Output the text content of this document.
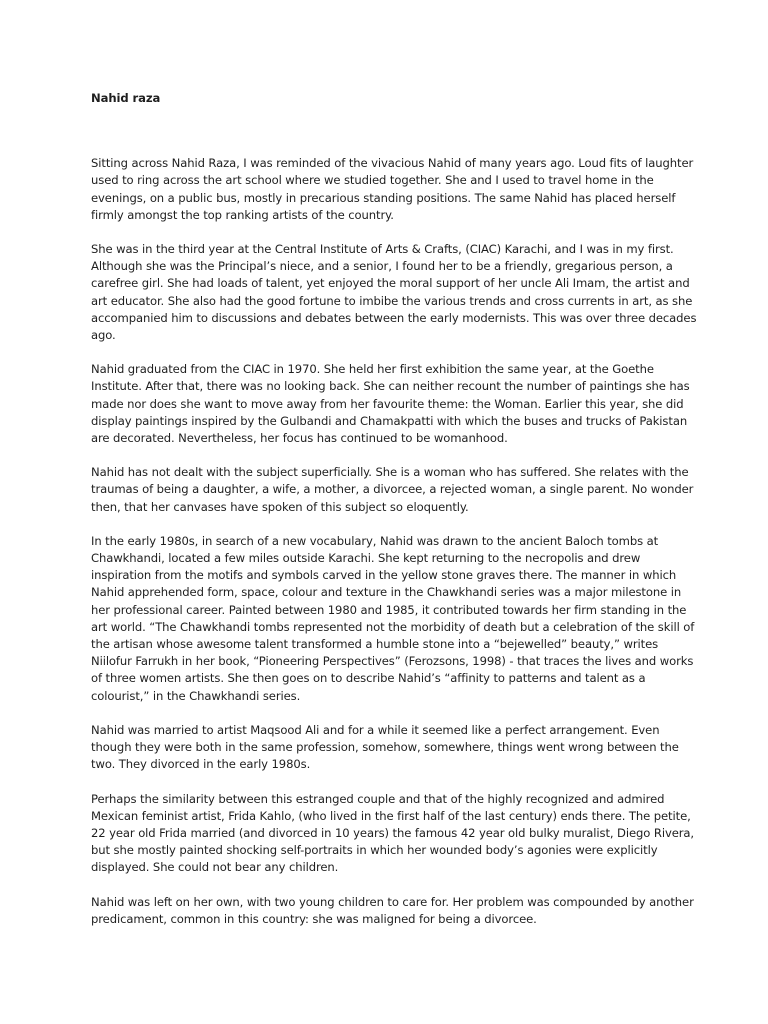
Nahid raza

Sitting across Nahid Raza, I was reminded of the vivacious Nahid of many years ago. Loud fits of laughter used to ring across the art school where we studied together. She and I used to travel home in the evenings, on a public bus, mostly in precarious standing positions. The same Nahid has placed herself firmly amongst the top ranking artists of the country.

She was in the third year at the Central Institute of Arts & Crafts, (CIAC) Karachi, and I was in my first. Although she was the Principal’s niece, and a senior, I found her to be a friendly, gregarious person, a carefree girl. She had loads of talent, yet enjoyed the moral support of her uncle Ali Imam, the artist and art educator. She also had the good fortune to imbibe the various trends and cross currents in art, as she accompanied him to discussions and debates between the early modernists. This was over three decades ago.

Nahid graduated from the CIAC in 1970. She held her first exhibition the same year, at the Goethe Institute. After that, there was no looking back. She can neither recount the number of paintings she has made nor does she want to move away from her favourite theme: the Woman. Earlier this year, she did display paintings inspired by the Gulbandi and Chamakpatti with which the buses and trucks of Pakistan are decorated. Nevertheless, her focus has continued to be womanhood.

Nahid has not dealt with the subject superficially. She is a woman who has suffered. She relates with the traumas of being a daughter, a wife, a mother, a divorcee, a rejected woman, a single parent. No wonder then, that her canvases have spoken of this subject so eloquently.

In the early 1980s, in search of a new vocabulary, Nahid was drawn to the ancient Baloch tombs at Chawkhandi, located a few miles outside Karachi. She kept returning to the necropolis and drew inspiration from the motifs and symbols carved in the yellow stone graves there. The manner in which Nahid apprehended form, space, colour and texture in the Chawkhandi series was a major milestone in her professional career. Painted between 1980 and 1985, it contributed towards her firm standing in the art world. “The Chawkhandi tombs represented not the morbidity of death but a celebration of the skill of the artisan whose awesome talent transformed a humble stone into a “bejewelled” beauty,” writes Niilofur Farrukh in her book, “Pioneering Perspectives” (Ferozsons, 1998) - that traces the lives and works of three women artists. She then goes on to describe Nahid’s “affinity to patterns and talent as a colourist,” in the Chawkhandi series.

Nahid was married to artist Maqsood Ali and for a while it seemed like a perfect arrangement. Even though they were both in the same profession, somehow, somewhere, things went wrong between the two. They divorced in the early 1980s.

Perhaps the similarity between this estranged couple and that of the highly recognized and admired Mexican feminist artist, Frida Kahlo, (who lived in the first half of the last century) ends there. The petite, 22 year old Frida married (and divorced in 10 years) the famous 42 year old bulky muralist, Diego Rivera, but she mostly painted shocking self-portraits in which her wounded body’s agonies were explicitly displayed. She could not bear any children.

Nahid was left on her own, with two young children to care for. Her problem was compounded by another predicament, common in this country: she was maligned for being a divorcee.
